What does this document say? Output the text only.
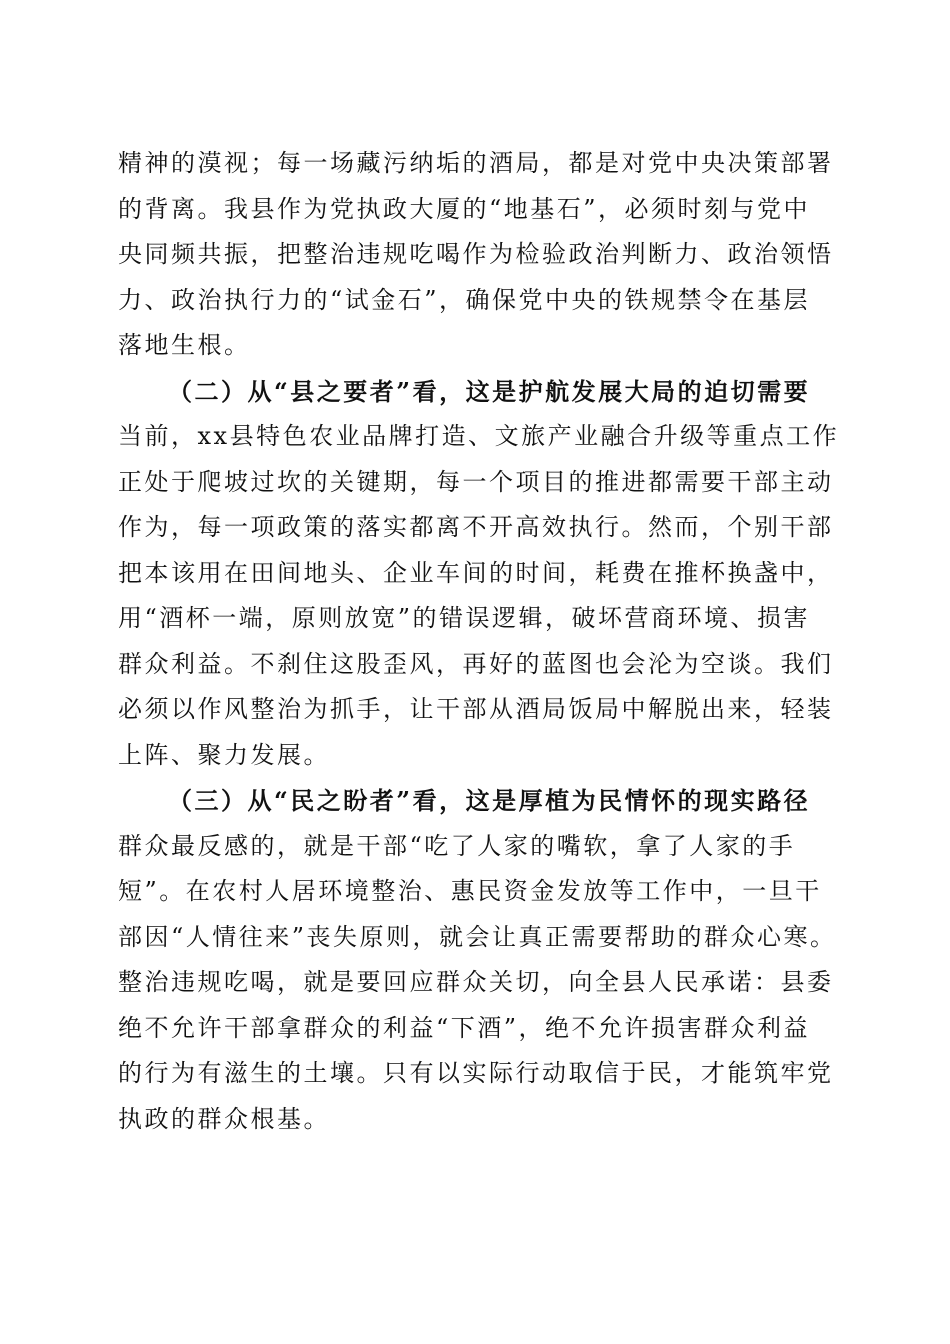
精神的漠视；每一场藏污纳垢的酒局，都是对党中央决策部署
的背离。我县作为党执政大厦的“地基石”，必须时刻与党中
央同频共振，把整治违规吃喝作为检验政治判断力、政治领悟
力、政治执行力的“试金石”，确保党中央的铁规禁令在基层
落地生根。
（二）从“县之要者”看，这是护航发展大局的迫切需要
当前，xx县特色农业品牌打造、文旅产业融合升级等重点工作
正处于爬坡过坎的关键期，每一个项目的推进都需要干部主动
作为，每一项政策的落实都离不开高效执行。然而，个别干部
把本该用在田间地头、企业车间的时间，耗费在推杯换盏中，
用“酒杯一端，原则放宽”的错误逻辑，破坏营商环境、损害
群众利益。不刹住这股歪风，再好的蓝图也会沦为空谈。我们
必须以作风整治为抓手，让干部从酒局饭局中解脱出来，轻装
上阵、聚力发展。
（三）从“民之盼者”看，这是厚植为民情怀的现实路径
群众最反感的，就是干部“吃了人家的嘴软，拿了人家的手
短”。在农村人居环境整治、惠民资金发放等工作中，一旦干
部因“人情往来”丧失原则，就会让真正需要帮助的群众心寒。
整治违规吃喝，就是要回应群众关切，向全县人民承诺：县委
绝不允许干部拿群众的利益“下酒”，绝不允许损害群众利益
的行为有滋生的土壤。只有以实际行动取信于民，才能筑牢党
执政的群众根基。
